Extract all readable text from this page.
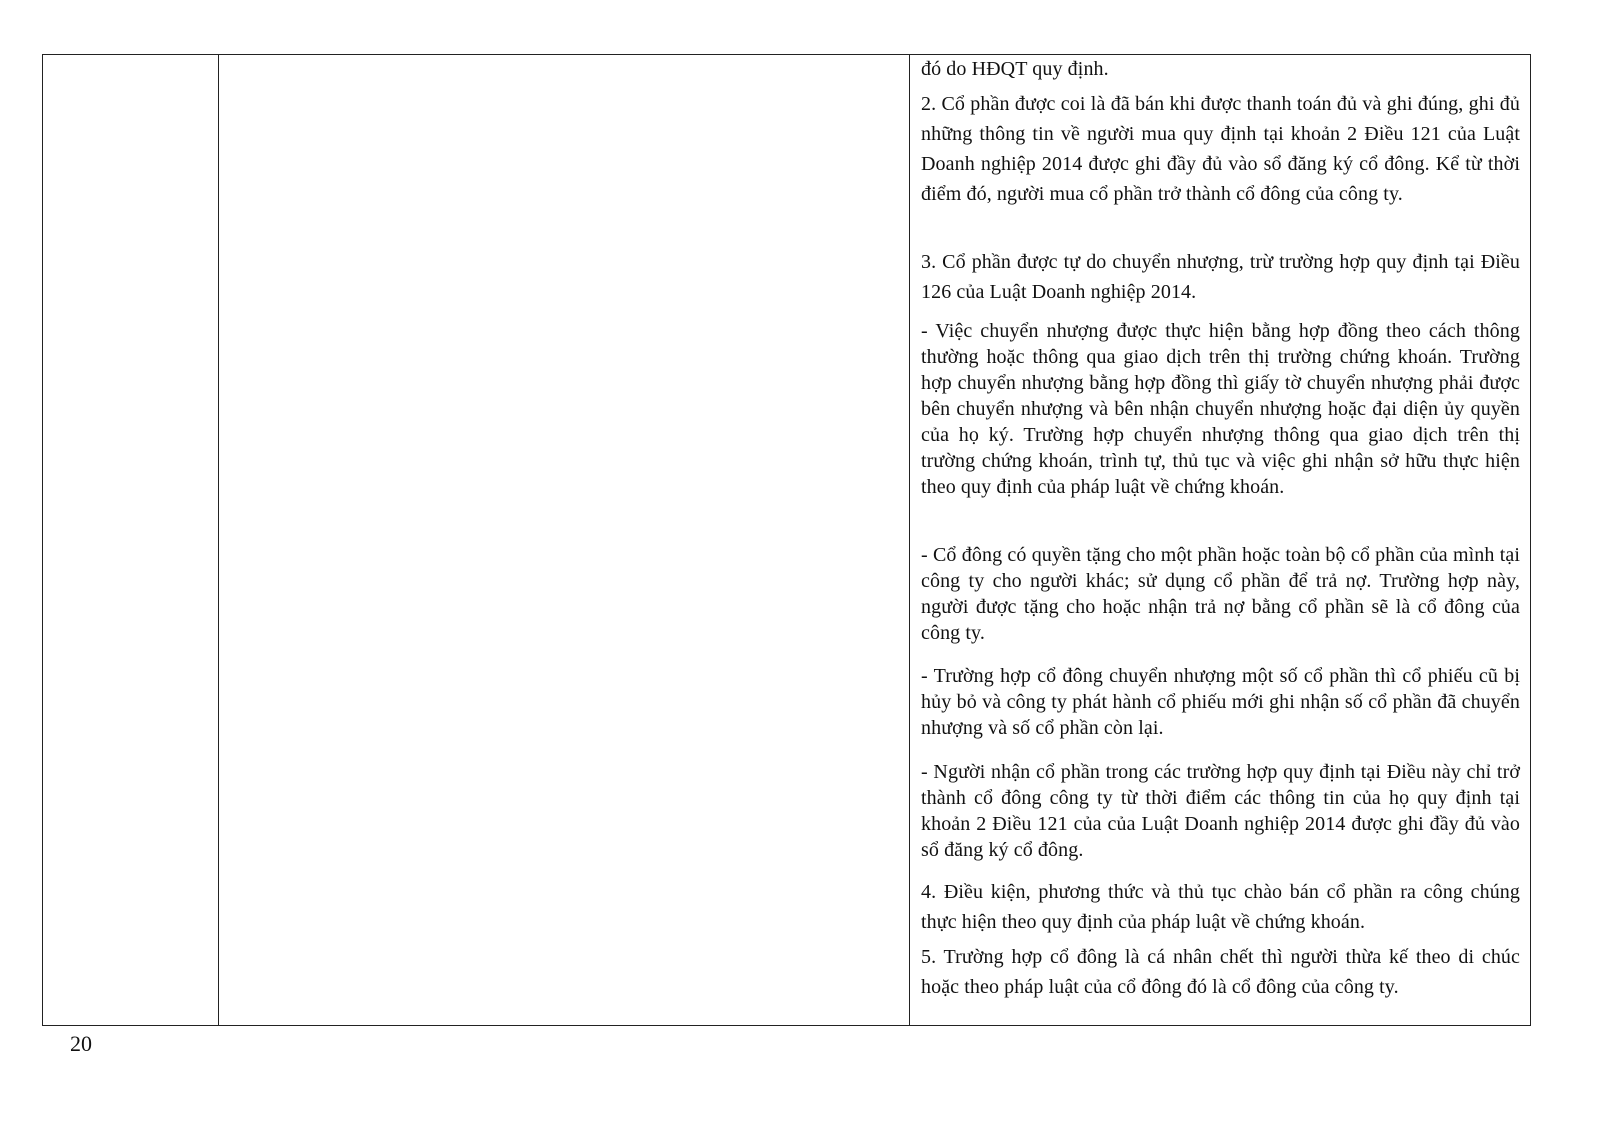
đó do HĐQT quy định.

2. Cổ phần được coi là đã bán khi được thanh toán đủ và ghi đúng, ghi đủ những thông tin về người mua quy định tại khoản 2 Điều 121 của Luật Doanh nghiệp 2014 được ghi đầy đủ vào sổ đăng ký cổ đông. Kể từ thời điểm đó, người mua cổ phần trở thành cổ đông của công ty.

3. Cổ phần được tự do chuyển nhượng, trừ trường hợp quy định tại Điều 126 của Luật Doanh nghiệp 2014.

- Việc chuyển nhượng được thực hiện bằng hợp đồng theo cách thông thường hoặc thông qua giao dịch trên thị trường chứng khoán. Trường hợp chuyển nhượng bằng hợp đồng thì giấy tờ chuyển nhượng phải được bên chuyển nhượng và bên nhận chuyển nhượng hoặc đại diện ủy quyền của họ ký. Trường hợp chuyển nhượng thông qua giao dịch trên thị trường chứng khoán, trình tự, thủ tục và việc ghi nhận sở hữu thực hiện theo quy định của pháp luật về chứng khoán.

- Cổ đông có quyền tặng cho một phần hoặc toàn bộ cổ phần của mình tại công ty cho người khác; sử dụng cổ phần để trả nợ. Trường hợp này, người được tặng cho hoặc nhận trả nợ bằng cổ phần sẽ là cổ đông của công ty.

- Trường hợp cổ đông chuyển nhượng một số cổ phần thì cổ phiếu cũ bị hủy bỏ và công ty phát hành cổ phiếu mới ghi nhận số cổ phần đã chuyển nhượng và số cổ phần còn lại.

- Người nhận cổ phần trong các trường hợp quy định tại Điều này chỉ trở thành cổ đông công ty từ thời điểm các thông tin của họ quy định tại khoản 2 Điều 121 của của Luật Doanh nghiệp 2014 được ghi đầy đủ vào sổ đăng ký cổ đông.

4. Điều kiện, phương thức và thủ tục chào bán cổ phần ra công chúng thực hiện theo quy định của pháp luật về chứng khoán.

5. Trường hợp cổ đông là cá nhân chết thì người thừa kế theo di chúc hoặc theo pháp luật của cổ đông đó là cổ đông của công ty.

20
